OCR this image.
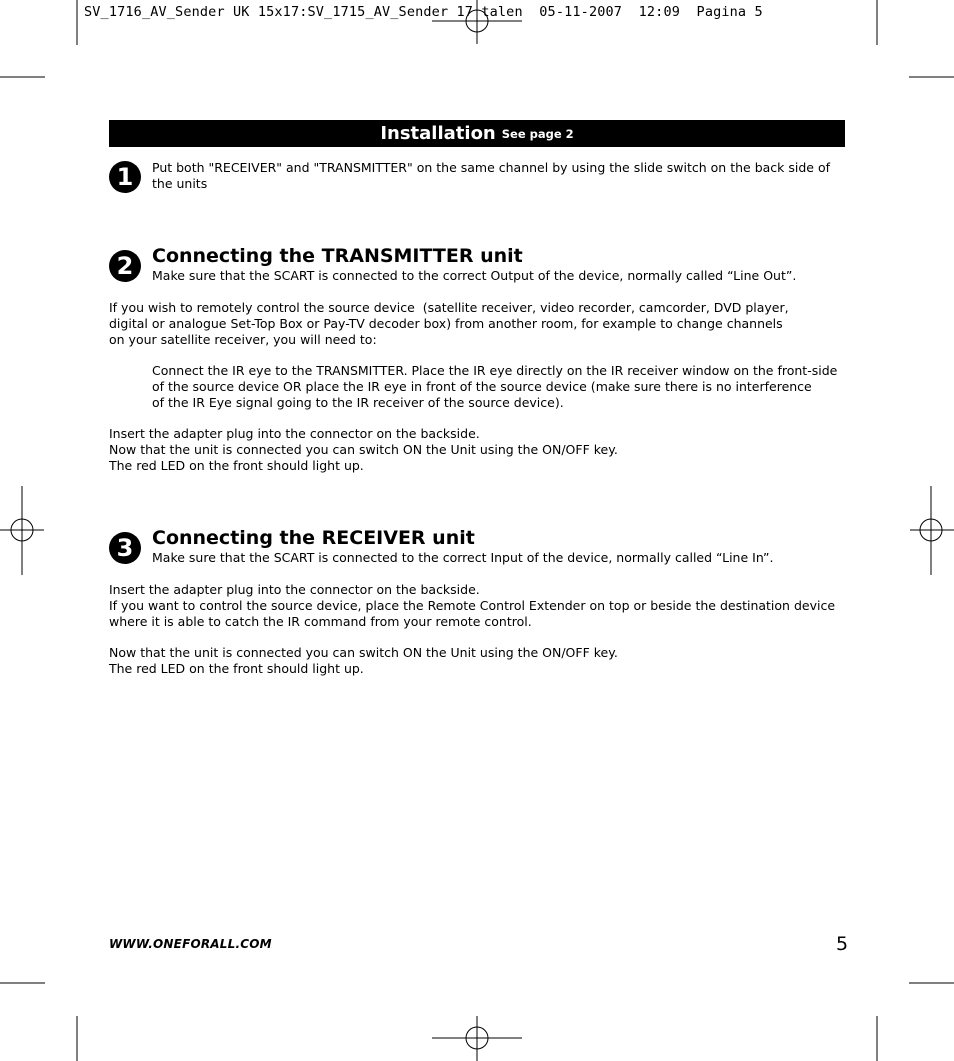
SV_1716_AV_Sender UK 15x17:SV_1715_AV_Sender 17 talen  05-11-2007  12:09  Pagina 5
Installation See page 2
1	Put both "RECEIVER" and "TRANSMITTER" on the same channel by using the slide switch on the back side of
the units
2 Connecting the TRANSMITTER unit
Make sure that the SCART is connected to the correct Output of the device, normally called “Line Out”.
If you wish to remotely control the source device  (satellite receiver, video recorder, camcorder, DVD player,
digital or analogue Set-Top Box or Pay-TV decoder box) from another room, for example to change channels
on your satellite receiver, you will need to:
Connect the IR eye to the TRANSMITTER. Place the IR eye directly on the IR receiver window on the front-side
of the source device OR place the IR eye in front of the source device (make sure there is no interference
of the IR Eye signal going to the IR receiver of the source device).
Insert the adapter plug into the connector on the backside.
Now that the unit is connected you can switch ON the Unit using the ON/OFF key.
The red LED on the front should light up.
3 Connecting the RECEIVER unit
Make sure that the SCART is connected to the correct Input of the device, normally called “Line In”.
Insert the adapter plug into the connector on the backside.
If you want to control the source device, place the Remote Control Extender on top or beside the destination device
where it is able to catch the IR command from your remote control.
Now that the unit is connected you can switch ON the Unit using the ON/OFF key.
The red LED on the front should light up.
WWW.ONEFORALL.COM	5
